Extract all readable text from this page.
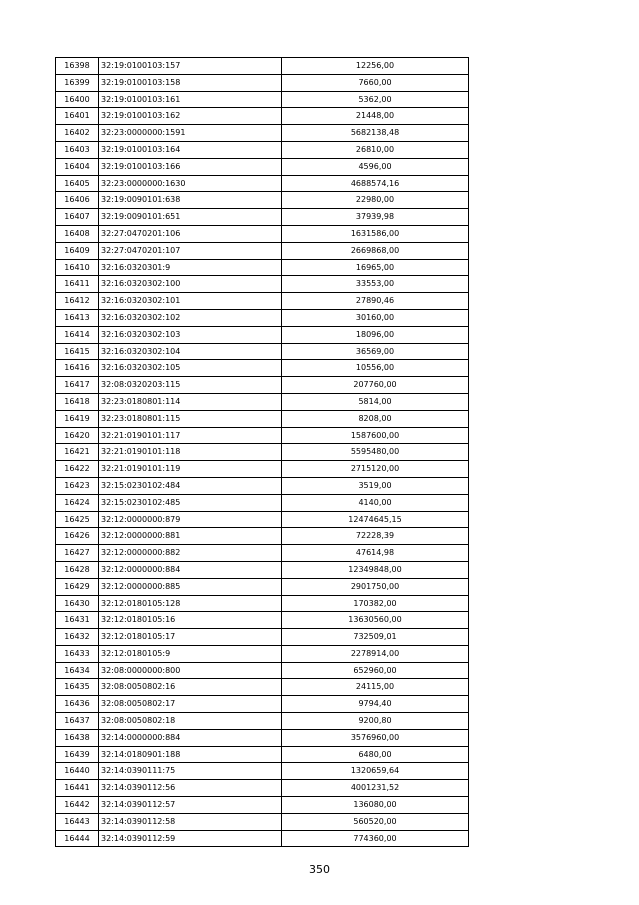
16398	32:19:0100103:157	12256,00
16399	32:19:0100103:158	7660,00
16400	32:19:0100103:161	5362,00
16401	32:19:0100103:162	21448,00
16402	32:23:0000000:1591	5682138,48
16403	32:19:0100103:164	26810,00
16404	32:19:0100103:166	4596,00
16405	32:23:0000000:1630	4688574,16
16406	32:19:0090101:638	22980,00
16407	32:19:0090101:651	37939,98
16408	32:27:0470201:106	1631586,00
16409	32:27:0470201:107	2669868,00
16410	32:16:0320301:9	16965,00
16411	32:16:0320302:100	33553,00
16412	32:16:0320302:101	27890,46
16413	32:16:0320302:102	30160,00
16414	32:16:0320302:103	18096,00
16415	32:16:0320302:104	36569,00
16416	32:16:0320302:105	10556,00
16417	32:08:0320203:115	207760,00
16418	32:23:0180801:114	5814,00
16419	32:23:0180801:115	8208,00
16420	32:21:0190101:117	1587600,00
16421	32:21:0190101:118	5595480,00
16422	32:21:0190101:119	2715120,00
16423	32:15:0230102:484	3519,00
16424	32:15:0230102:485	4140,00
16425	32:12:0000000:879	12474645,15
16426	32:12:0000000:881	72228,39
16427	32:12:0000000:882	47614,98
16428	32:12:0000000:884	12349848,00
16429	32:12:0000000:885	2901750,00
16430	32:12:0180105:128	170382,00
16431	32:12:0180105:16	13630560,00
16432	32:12:0180105:17	732509,01
16433	32:12:0180105:9	2278914,00
16434	32:08:0000000:800	652960,00
16435	32:08:0050802:16	24115,00
16436	32:08:0050802:17	9794,40
16437	32:08:0050802:18	9200,80
16438	32:14:0000000:884	3576960,00
16439	32:14:0180901:188	6480,00
16440	32:14:0390111:75	1320659,64
16441	32:14:0390112:56	4001231,52
16442	32:14:0390112:57	136080,00
16443	32:14:0390112:58	560520,00
16444	32:14:0390112:59	774360,00
350
